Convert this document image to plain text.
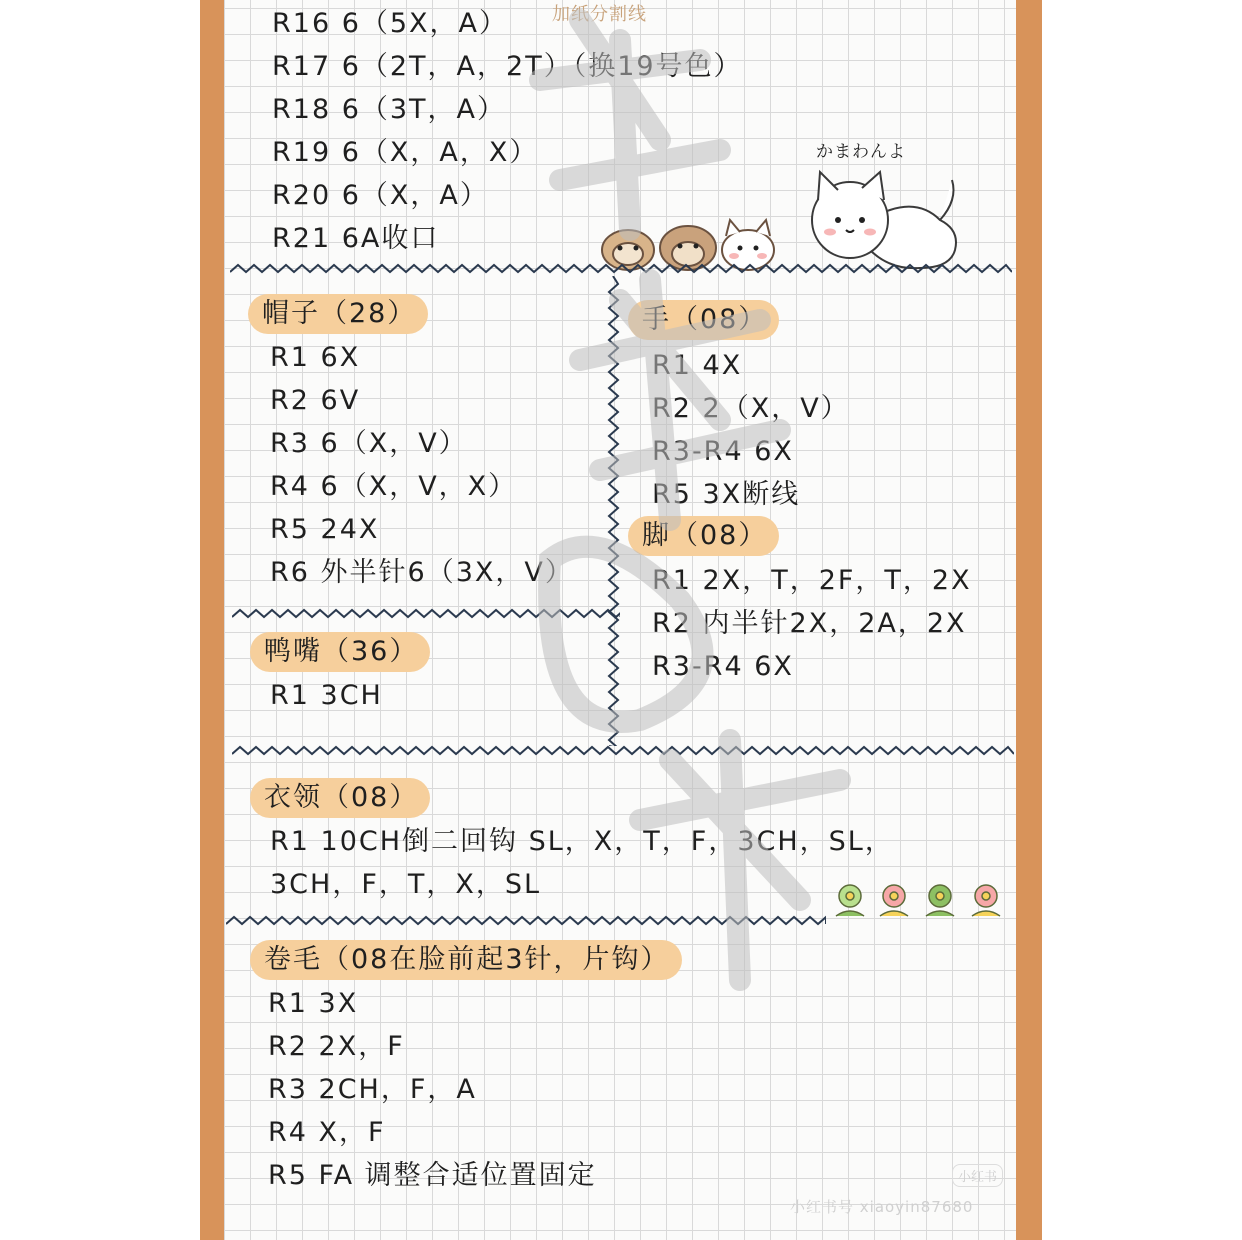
加纸分割线
R16 6（5X，A）
R17 6（2T，A，2T）（换19号色）
R18 6（3T，A）
R19 6（X，A，X）
R20 6（X，A）
R21 6A收口
かまわんよ
帽子（28）
R1 6X
R2 6V
R3 6（X，V）
R4 6（X，V，X）
R5 24X
R6 外半针6（3X，V）
手（08）
R1 4X
R2 2（X，V）
R3-R4 6X
R5 3X断线
脚（08）
R1 2X，T，2F，T，2X
R2 内半针2X，2A，2X
R3-R4 6X
鸭嘴（36）
R1 3CH
衣领（08）
R1 10CH倒二回钩 SL，X，T，F，3CH，SL，
3CH，F，T，X，SL
卷毛（08在脸前起3针，片钩）
R1 3X
R2 2X，F
R3 2CH，F，A
R4 X，F
R5 FA 调整合适位置固定	小红书
小红书号 xiaoyin87680
